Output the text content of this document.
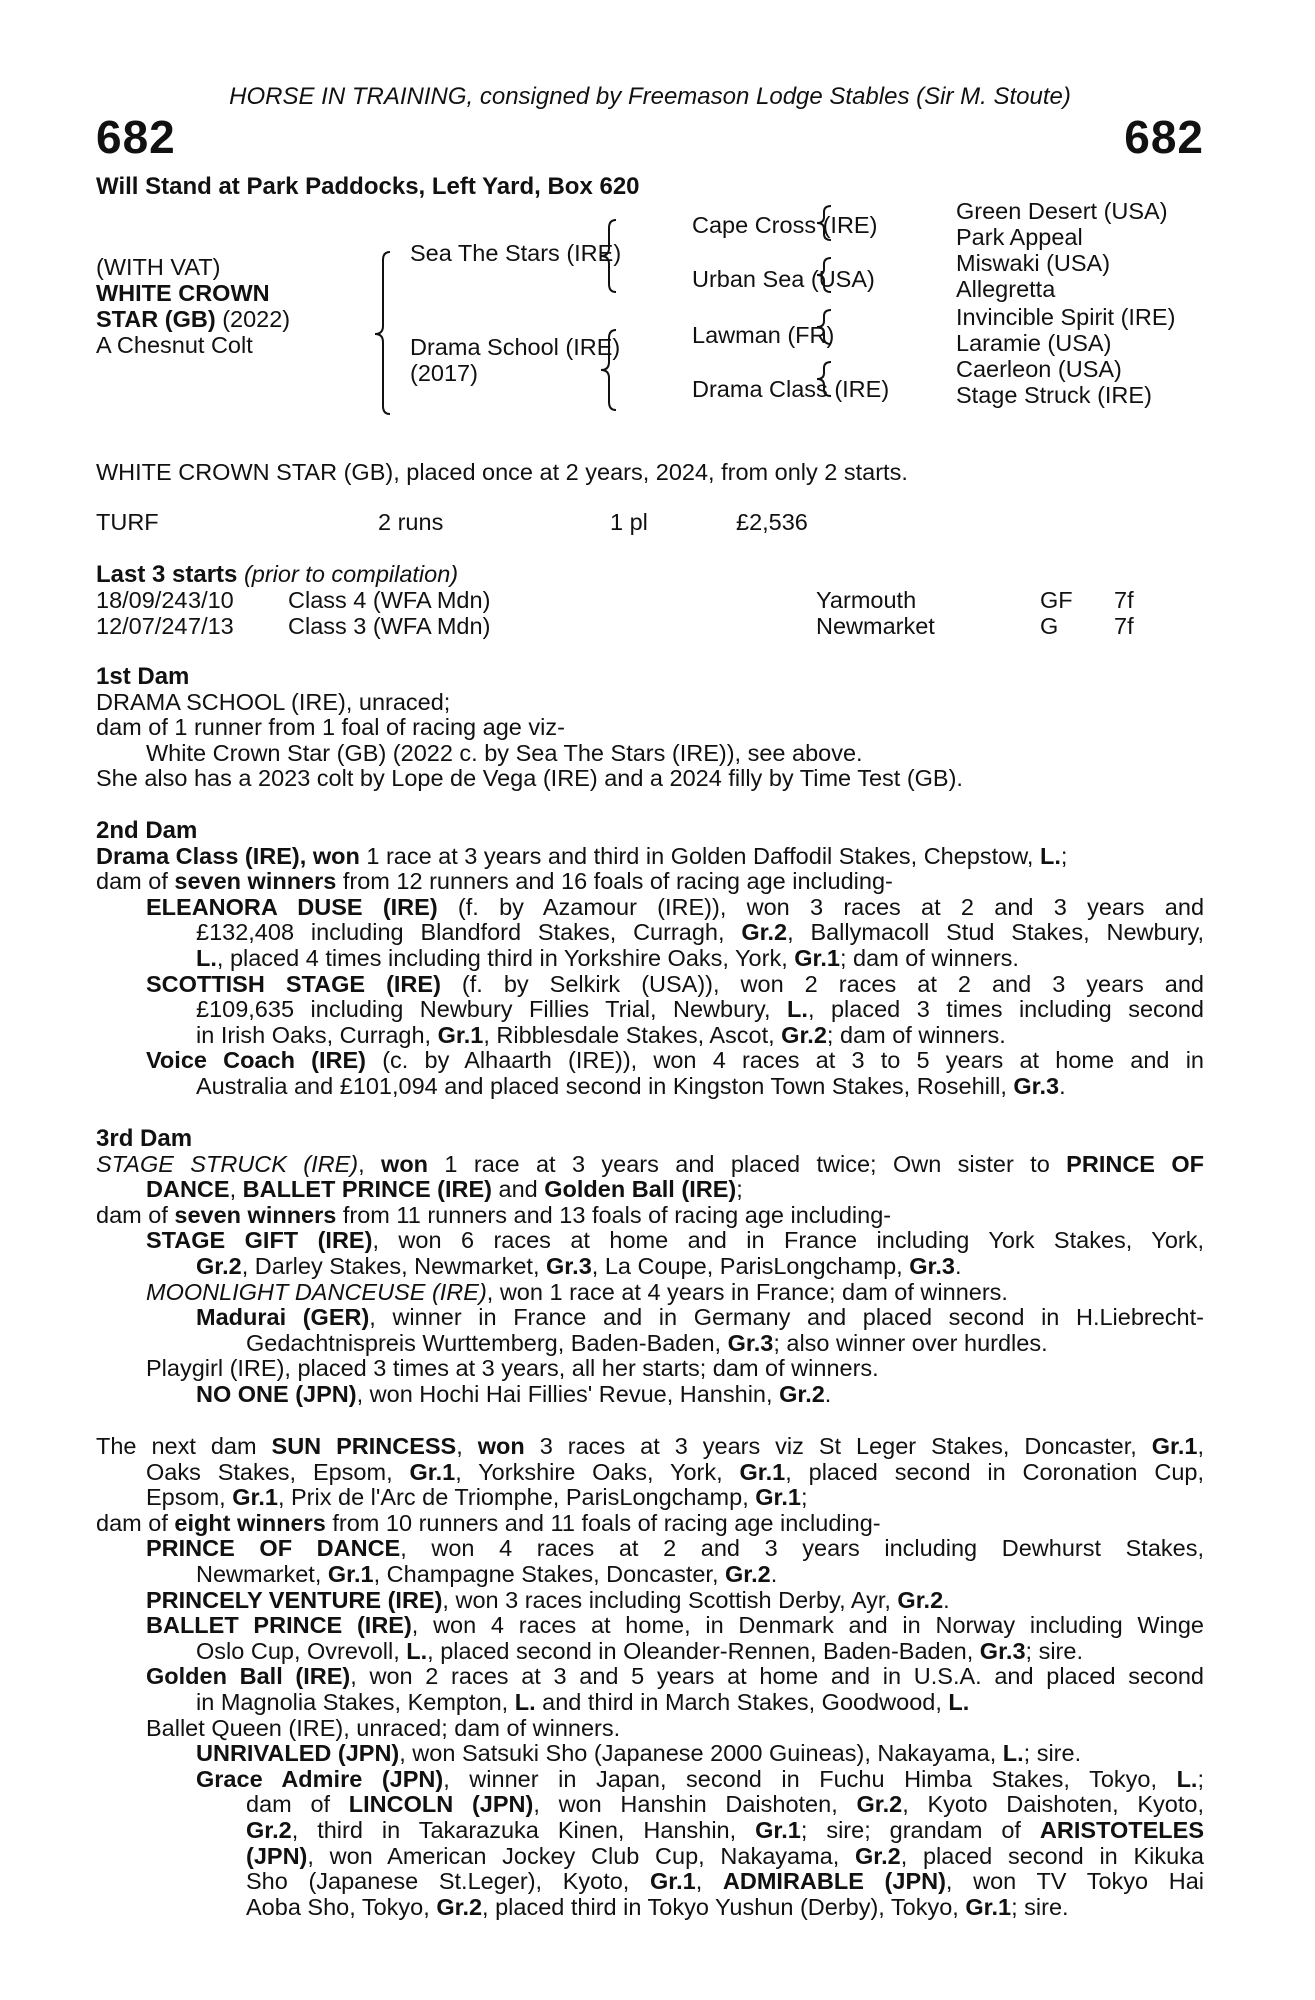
HORSE IN TRAINING, consigned by Freemason Lodge Stables (Sir M. Stoute)
682	682
Will Stand at Park Paddocks, Left Yard, Box 620
(WITH VAT)
WHITE CROWN
STAR (GB) (2022)
A Chesnut Colt
Sea The Stars (IRE)
Drama School (IRE)
(2017)
Cape Cross (IRE)
Urban Sea (USA)
Lawman (FR)
Drama Class (IRE)
Green Desert (USA)
Park Appeal
Miswaki (USA)
Allegretta
Invincible Spirit (IRE)
Laramie (USA)
Caerleon (USA)
Stage Struck (IRE)
WHITE CROWN STAR (GB), placed once at 2 years, 2024, from only 2 starts.
TURF	2 runs	1 pl	£2,536
Last 3 starts (prior to compilation)
18/09/24 3/10 Class 4 (WFA Mdn)	Yarmouth	GF 7f
12/07/24 7/13 Class 3 (WFA Mdn)	Newmarket	G 7f
1st Dam
DRAMA SCHOOL (IRE), unraced;
dam of 1 runner from 1 foal of racing age viz-
White Crown Star (GB) (2022 c. by Sea The Stars (IRE)), see above.
She also has a 2023 colt by Lope de Vega (IRE) and a 2024 filly by Time Test (GB).
2nd Dam
Drama Class (IRE), won 1 race at 3 years and third in Golden Daffodil Stakes, Chepstow, L.;
dam of seven winners from 12 runners and 16 foals of racing age including-
ELEANORA DUSE (IRE) (f. by Azamour (IRE)), won 3 races at 2 and 3 years and
£132,408 including Blandford Stakes, Curragh, Gr.2, Ballymacoll Stud Stakes, Newbury,
L., placed 4 times including third in Yorkshire Oaks, York, Gr.1; dam of winners.
SCOTTISH STAGE (IRE) (f. by Selkirk (USA)), won 2 races at 2 and 3 years and
£109,635 including Newbury Fillies Trial, Newbury, L., placed 3 times including second
in Irish Oaks, Curragh, Gr.1, Ribblesdale Stakes, Ascot, Gr.2; dam of winners.
Voice Coach (IRE) (c. by Alhaarth (IRE)), won 4 races at 3 to 5 years at home and in
Australia and £101,094 and placed second in Kingston Town Stakes, Rosehill, Gr.3.
3rd Dam
STAGE STRUCK (IRE), won 1 race at 3 years and placed twice; Own sister to PRINCE OF
DANCE, BALLET PRINCE (IRE) and Golden Ball (IRE);
dam of seven winners from 11 runners and 13 foals of racing age including-
STAGE GIFT (IRE), won 6 races at home and in France including York Stakes, York,
Gr.2, Darley Stakes, Newmarket, Gr.3, La Coupe, ParisLongchamp, Gr.3.
MOONLIGHT DANCEUSE (IRE), won 1 race at 4 years in France; dam of winners.
Madurai (GER), winner in France and in Germany and placed second in H.Liebrecht-
Gedachtnispreis Wurttemberg, Baden-Baden, Gr.3; also winner over hurdles.
Playgirl (IRE), placed 3 times at 3 years, all her starts; dam of winners.
NO ONE (JPN), won Hochi Hai Fillies' Revue, Hanshin, Gr.2.
The next dam SUN PRINCESS, won 3 races at 3 years viz St Leger Stakes, Doncaster, Gr.1,
Oaks Stakes, Epsom, Gr.1, Yorkshire Oaks, York, Gr.1, placed second in Coronation Cup,
Epsom, Gr.1, Prix de l'Arc de Triomphe, ParisLongchamp, Gr.1;
dam of eight winners from 10 runners and 11 foals of racing age including-
PRINCE OF DANCE, won 4 races at 2 and 3 years including Dewhurst Stakes,
Newmarket, Gr.1, Champagne Stakes, Doncaster, Gr.2.
PRINCELY VENTURE (IRE), won 3 races including Scottish Derby, Ayr, Gr.2.
BALLET PRINCE (IRE), won 4 races at home, in Denmark and in Norway including Winge
Oslo Cup, Ovrevoll, L., placed second in Oleander-Rennen, Baden-Baden, Gr.3; sire.
Golden Ball (IRE), won 2 races at 3 and 5 years at home and in U.S.A. and placed second
in Magnolia Stakes, Kempton, L. and third in March Stakes, Goodwood, L.
Ballet Queen (IRE), unraced; dam of winners.
UNRIVALED (JPN), won Satsuki Sho (Japanese 2000 Guineas), Nakayama, L.; sire.
Grace Admire (JPN), winner in Japan, second in Fuchu Himba Stakes, Tokyo, L.;
dam of LINCOLN (JPN), won Hanshin Daishoten, Gr.2, Kyoto Daishoten, Kyoto,
Gr.2, third in Takarazuka Kinen, Hanshin, Gr.1; sire; grandam of ARISTOTELES
(JPN), won American Jockey Club Cup, Nakayama, Gr.2, placed second in Kikuka
Sho (Japanese St.Leger), Kyoto, Gr.1, ADMIRABLE (JPN), won TV Tokyo Hai
Aoba Sho, Tokyo, Gr.2, placed third in Tokyo Yushun (Derby), Tokyo, Gr.1; sire.
